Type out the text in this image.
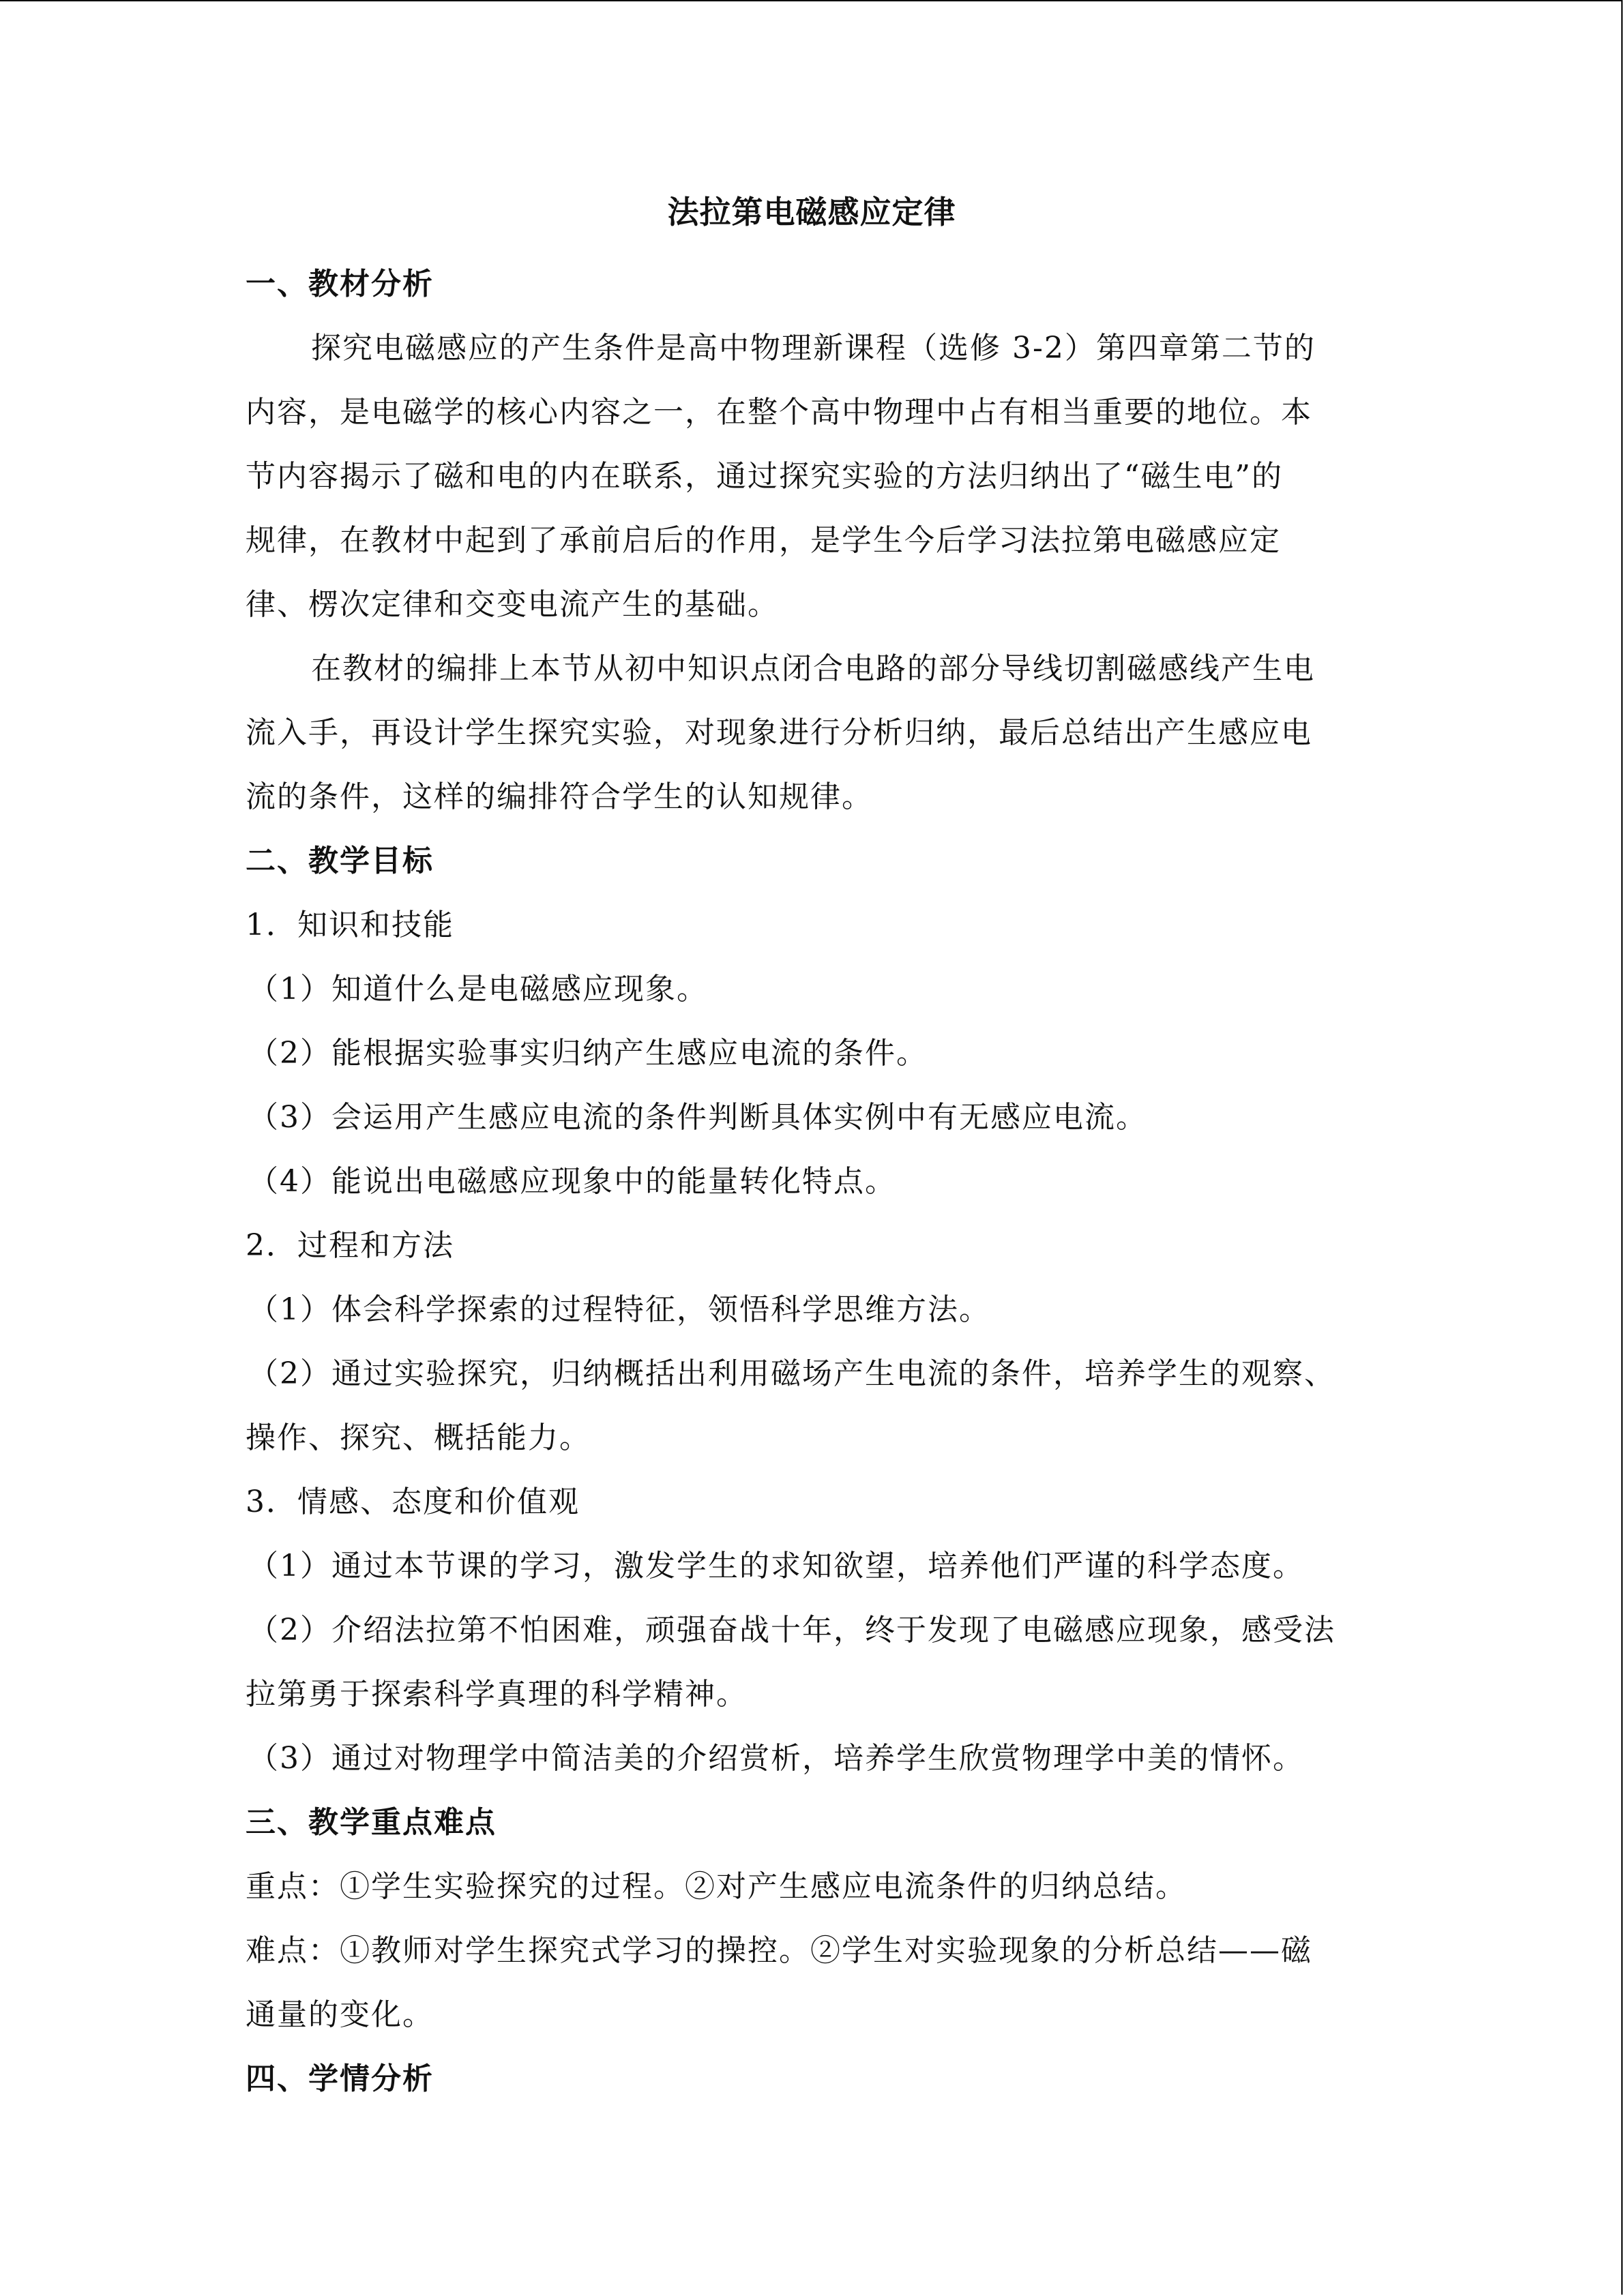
法拉第电磁感应定律
一、教材分析
探究电磁感应的产生条件是高中物理新课程（选修 3-2）第四章第二节的
内容，是电磁学的核心内容之一，在整个高中物理中占有相当重要的地位。本
节内容揭示了磁和电的内在联系，通过探究实验的方法归纳出了“磁生电”的
规律，在教材中起到了承前启后的作用，是学生今后学习法拉第电磁感应定
律、楞次定律和交变电流产生的基础。
在教材的编排上本节从初中知识点闭合电路的部分导线切割磁感线产生电
流入手，再设计学生探究实验，对现象进行分析归纳，最后总结出产生感应电
流的条件，这样的编排符合学生的认知规律。
二、教学目标
1．知识和技能
（1）知道什么是电磁感应现象。
（2）能根据实验事实归纳产生感应电流的条件。
（3）会运用产生感应电流的条件判断具体实例中有无感应电流。
（4）能说出电磁感应现象中的能量转化特点。
2．过程和方法
（1）体会科学探索的过程特征，领悟科学思维方法。
（2）通过实验探究，归纳概括出利用磁场产生电流的条件，培养学生的观察、
操作、探究、概括能力。
3．情感、态度和价值观
（1）通过本节课的学习，激发学生的求知欲望，培养他们严谨的科学态度。
（2）介绍法拉第不怕困难，顽强奋战十年，终于发现了电磁感应现象，感受法
拉第勇于探索科学真理的科学精神。
（3）通过对物理学中简洁美的介绍赏析，培养学生欣赏物理学中美的情怀。
三、教学重点难点
重点：①学生实验探究的过程。②对产生感应电流条件的归纳总结。
难点：①教师对学生探究式学习的操控。②学生对实验现象的分析总结——磁
通量的变化。
四、学情分析
